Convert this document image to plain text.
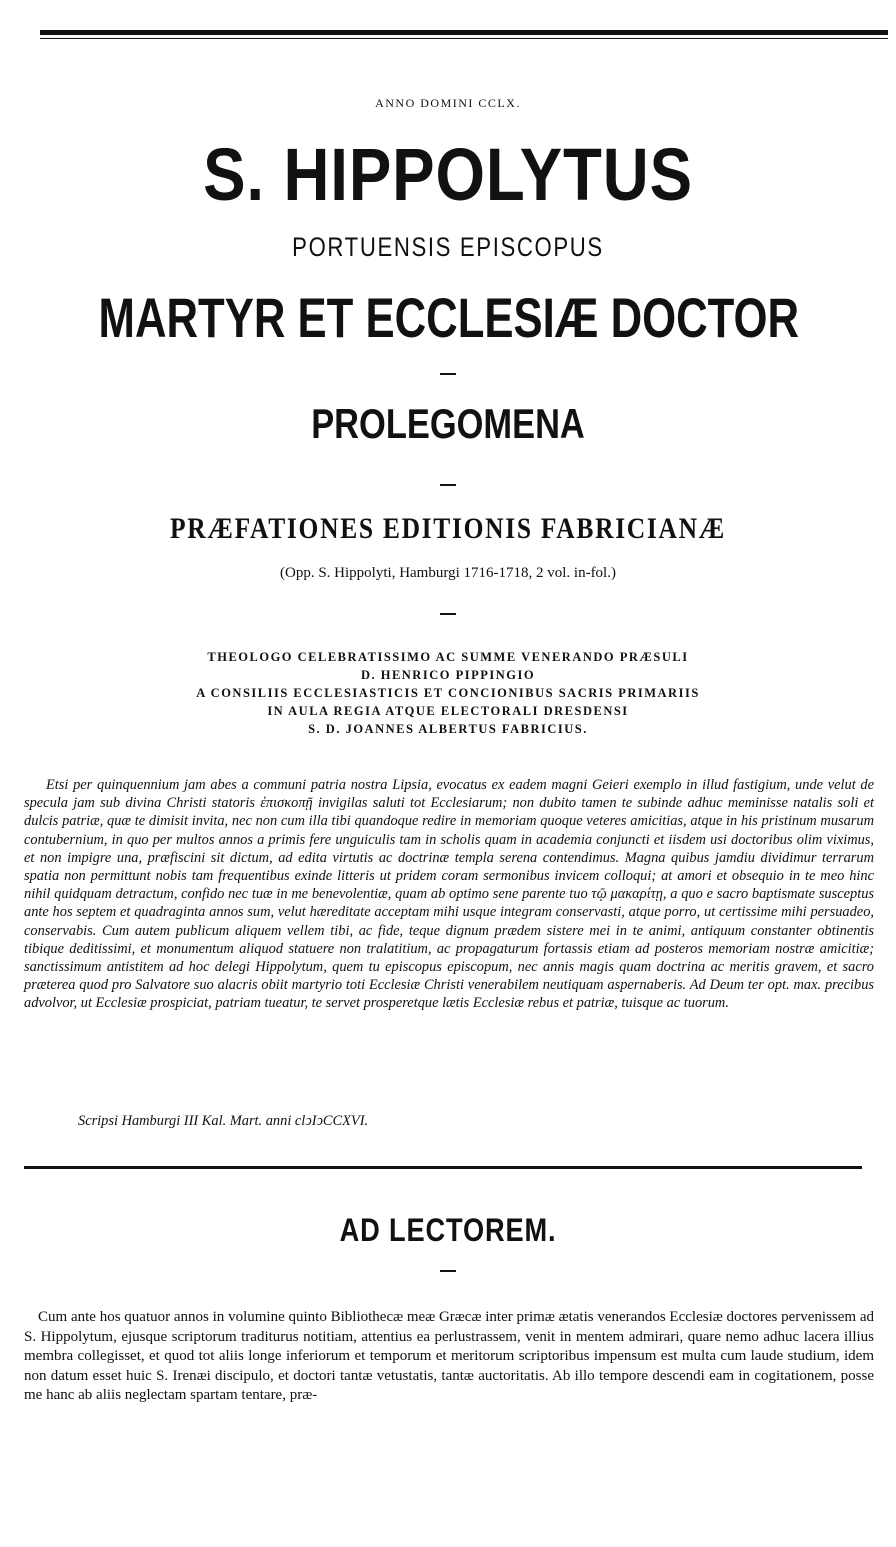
ANNO DOMINI CCLX.
S. HIPPOLYTUS
PORTUENSIS EPISCOPUS
MARTYR ET ECCLESIÆ DOCTOR
PROLEGOMENA
PRÆFATIONES EDITIONIS FABRICIANÆ
(Opp. S. Hippolyti, Hamburgi 1716-1718, 2 vol. in-fol.)
THEOLOGO CELEBRATISSIMO AC SUMME VENERANDO PRÆSULI
D. HENRICO PIPPINGIO
A CONSILIIS ECCLESIASTICIS ET CONCIONIBUS SACRIS PRIMARIIS
IN AULA REGIA ATQUE ELECTORALI DRESDENSI
S. D. JOANNES ALBERTUS FABRICIUS.
Etsi per quinquennium jam abes a communi patria nostra Lipsia, evocatus ex eadem magni Geieri exemplo in illud fastigium, unde velut de specula jam sub divina Christi statoris ἐπισκοπῇ invigilas saluti tot Ecclesiarum; non dubito tamen te subinde adhuc meminisse natalis soli et dulcis patriæ, quæ te dimisit invita, nec non cum illa tibi quandoque redire in memoriam quoque veteres amicitias, atque in his pristinum musarum contubernium, in quo per multos annos a primis fere unguiculis tam in scholis quam in academia conjuncti et iisdem usi doctoribus olim viximus, et non impigre una, præfiscini sit dictum, ad edita virtutis ac doctrinæ templa serena contendimus. Magna quibus jamdiu dividimur terrarum spatia non permittunt nobis tam frequentibus exinde litteris ut pridem coram sermonibus invicem colloqui; at amori et obsequio in te meo hinc nihil quidquam detractum, confido nec tuæ in me benevolentiæ, quam ab optimo sene parente tuo τῷ μακαρίτῃ, a quo e sacro baptismate susceptus ante hos septem et quadraginta annos sum, velut hæreditate acceptam mihi usque integram conservasti, atque porro, ut certissime mihi persuadeo, conservabis. Cum autem publicum aliquem vellem tibi, ac fide, teque dignum prædem sistere mei in te animi, antiquum constanter obtinentis tibique deditissimi, et monumentum aliquod statuere non tralatitium, ac propagaturum fortassis etiam ad posteros memoriam nostræ amicitiæ; sanctissimum antistitem ad hoc delegi Hippolytum, quem tu episcopus episcopum, nec annis magis quam doctrina ac meritis gravem, et sacro præterea quod pro Salvatore suo alacris obiit martyrio toti Ecclesiæ Christi venerabilem neutiquam aspernaberis. Ad Deum ter opt. max. precibus advolvor, ut Ecclesiæ prospiciat, patriam tueatur, te servet prosperetque lætis Ecclesiæ rebus et patriæ, tuisque ac tuorum.
Scripsi Hamburgi III Kal. Mart. anni clↄIↄCCXVI.
AD LECTOREM.
Cum ante hos quatuor annos in volumine quinto Bibliothecæ meæ Græcæ inter primæ ætatis venerandos Ecclesiæ doctores pervenissem ad S. Hippolytum, ejusque scriptorum traditurus notitiam, attentius ea perlustrassem, venit in mentem admirari, quare nemo adhuc lacera illius membra collegisset, et quod tot aliis longe inferiorum et temporum et meritorum scriptoribus impensum est multa cum laude studium, idem non datum esset huic S. Irenæi discipulo, et doctori tantæ vetustatis, tantæ auctoritatis. Ab illo tempore descendi eam in cogitationem, posse me hanc ab aliis neglectam spartam tentare, præ-
